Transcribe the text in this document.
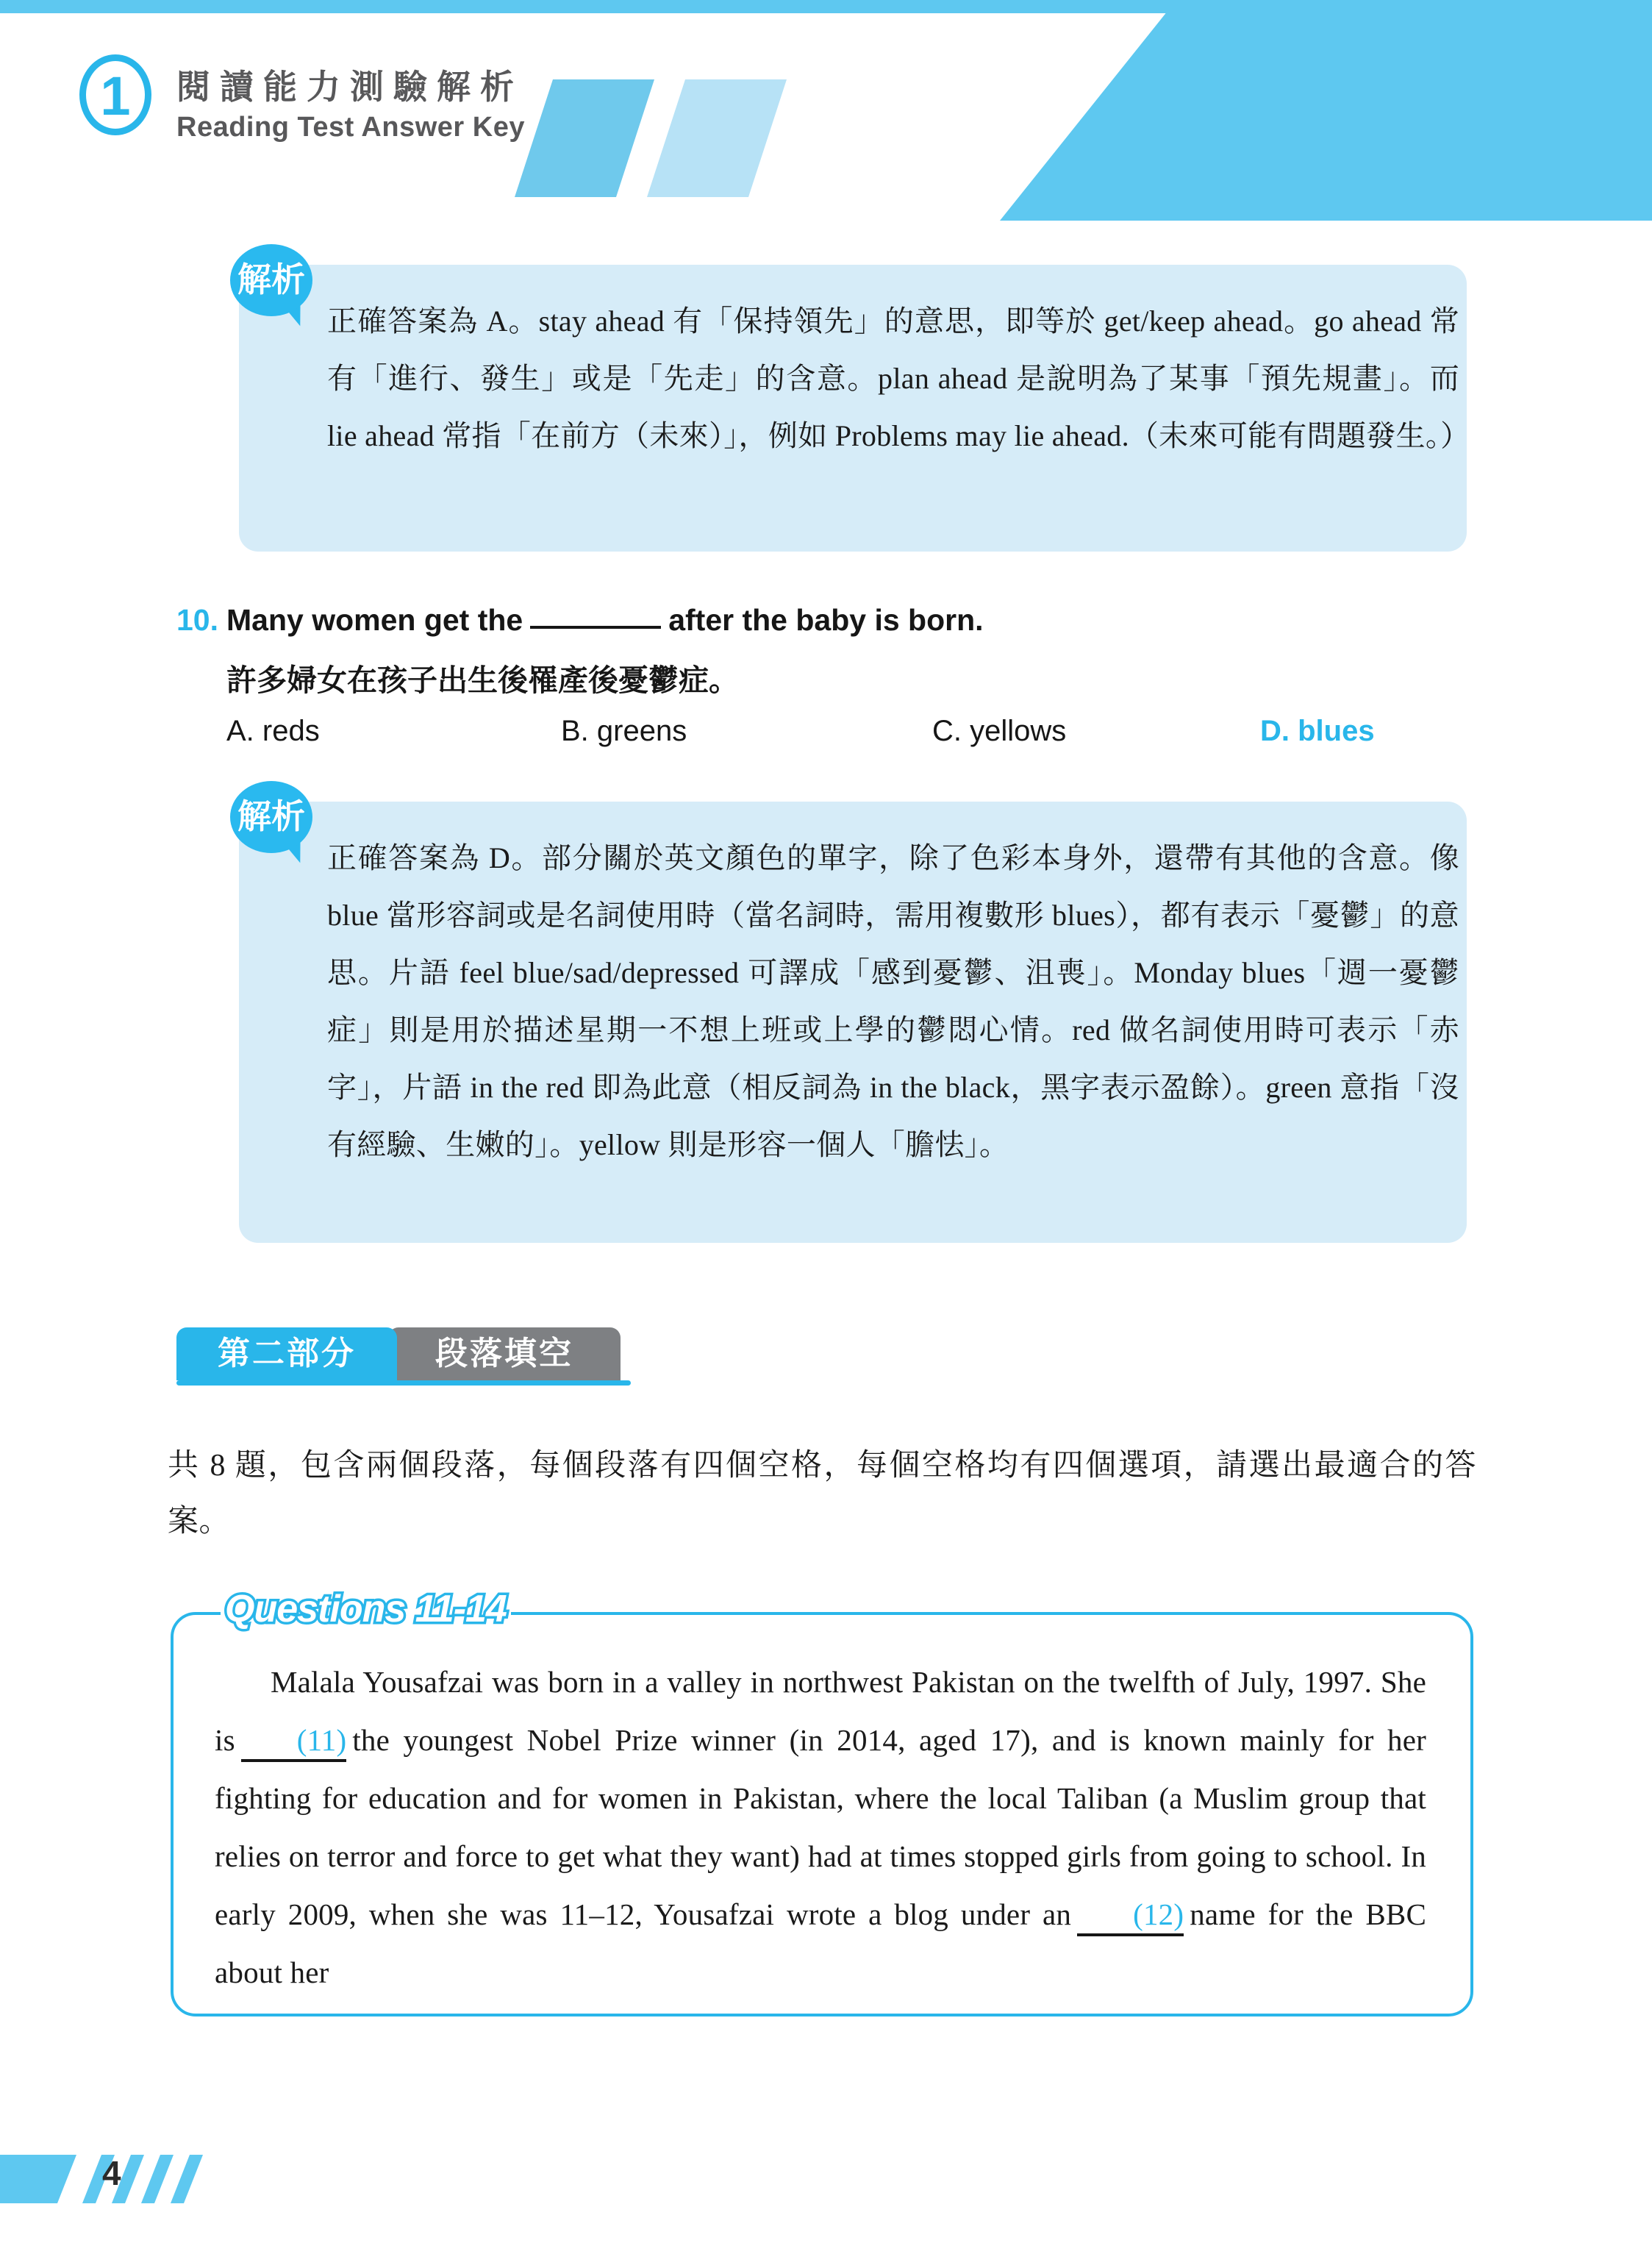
1	閱讀能力測驗解析
Reading Test Answer Key
解析
正確答案為 A。stay ahead 有「保持領先」的意思，即等於 get/keep ahead。go ahead 常有「進行、發生」或是「先走」的含意。plan ahead 是說明為了某事「預先規畫」。而 lie ahead 常指「在前方（未來）」，例如 Problems may lie ahead.（未來可能有問題發生。）
10. Many women get the	after the baby is born.
許多婦女在孩子出生後罹產後憂鬱症。
A. reds	B. greens	C. yellows	D. blues
解析
正確答案為 D。部分關於英文顏色的單字，除了色彩本身外，還帶有其他的含意。像 blue 當形容詞或是名詞使用時（當名詞時，需用複數形 blues），都有表示「憂鬱」的意思。片語 feel blue/sad/depressed 可譯成「感到憂鬱、沮喪」。Monday blues「週一憂鬱症」則是用於描述星期一不想上班或上學的鬱悶心情。red 做名詞使用時可表示「赤字」，片語 in the red 即為此意（相反詞為 in the black，黑字表示盈餘）。green 意指「沒有經驗、生嫩的」。yellow 則是形容一個人「膽怯」。
第二部分	段落填空
共 8 題，包含兩個段落，每個段落有四個空格，每個空格均有四個選項，請選出最適合的答案。
Questions 11-14
Malala Yousafzai was born in a valley in northwest Pakistan on the twelfth of July, 1997. She is (11) the youngest Nobel Prize winner (in 2014, aged 17), and is known mainly for her fighting for education and for women in Pakistan, where the local Taliban (a Muslim group that relies on terror and force to get what they want) had at times stopped girls from going to school. In early 2009, when she was 11–12, Yousafzai wrote a blog under an (12) name for the BBC about her
4
